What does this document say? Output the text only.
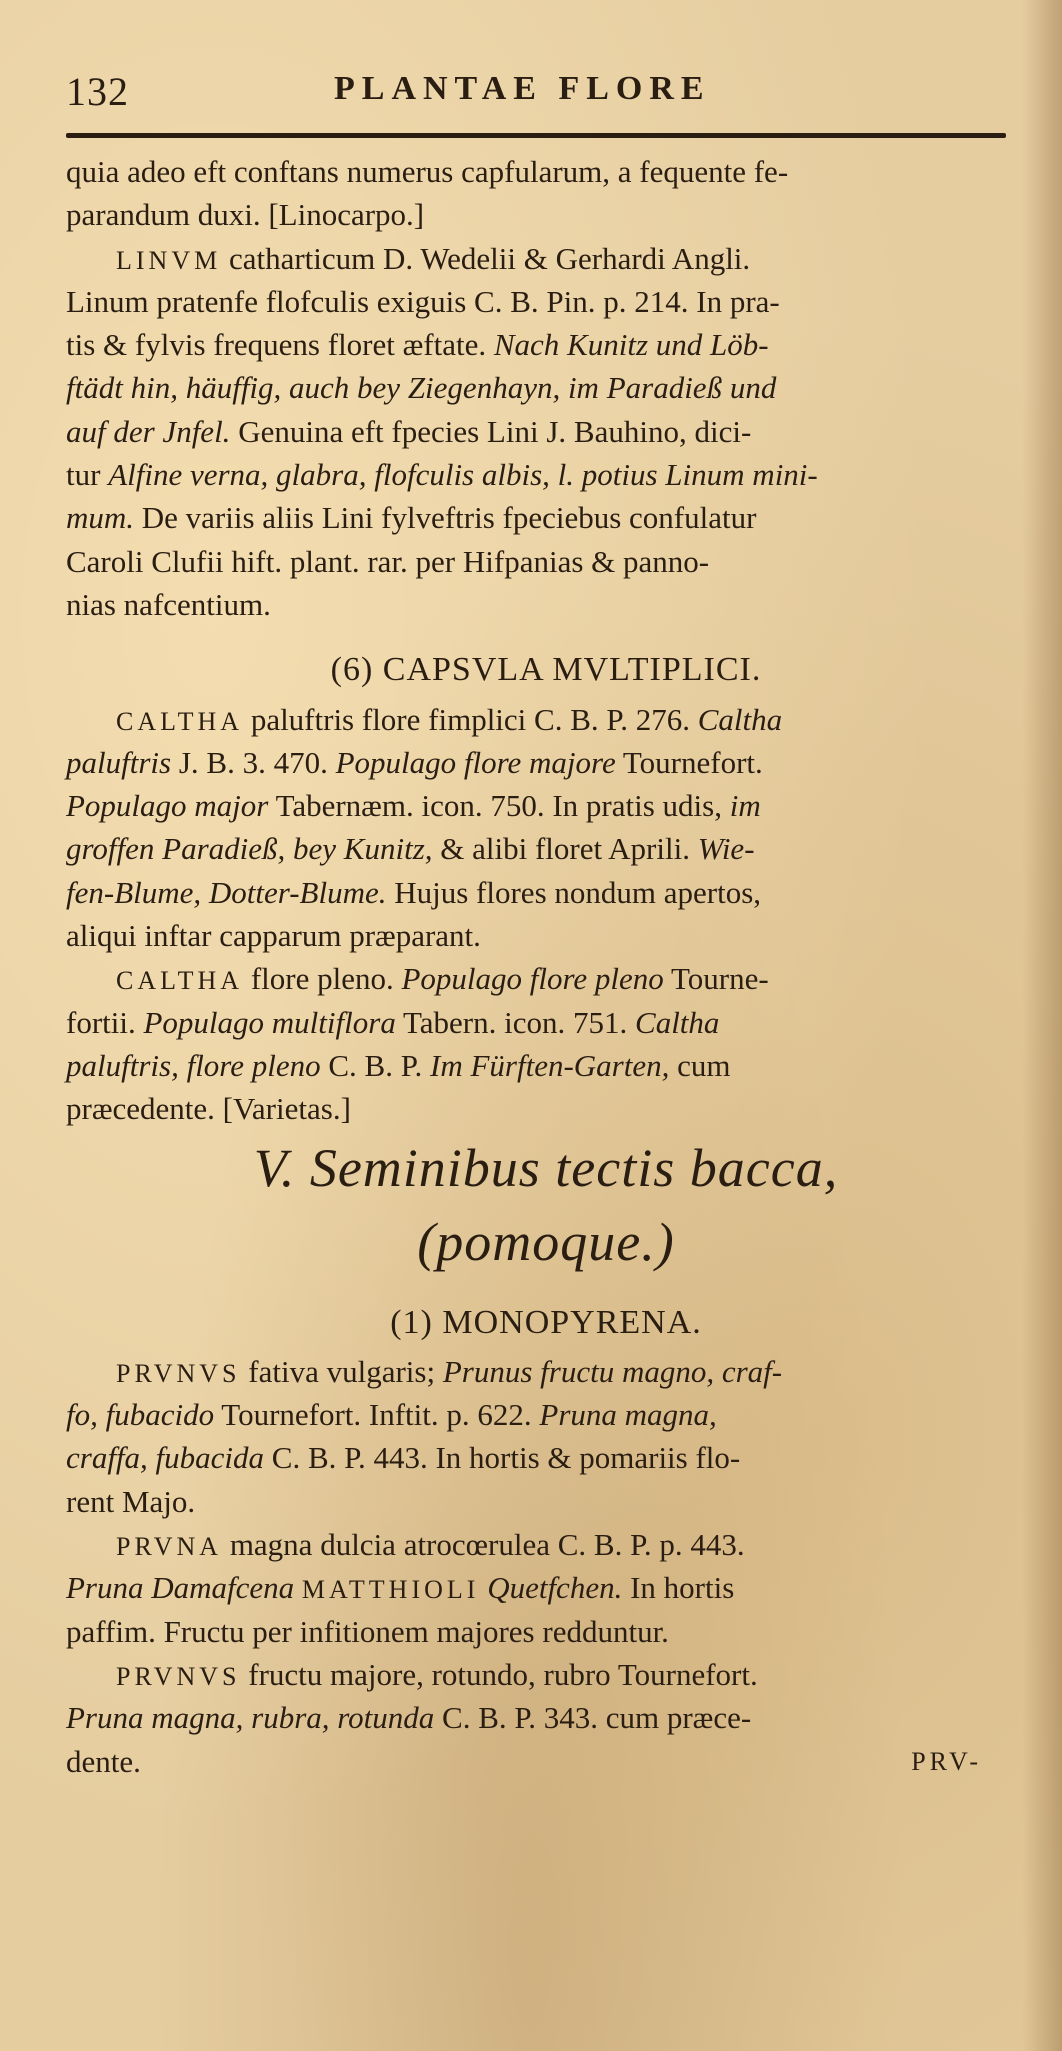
132	PLANTAE FLORE
quia adeo eft conftans numerus capfularum, a fequente fe-
parandum duxi. [Linocarpo.]
LINVM catharticum D. Wedelii & Gerhardi Angli.
Linum pratenfe flofculis exiguis C. B. Pin. p. 214. In pra-
tis & fylvis frequens floret æftate. Nach Kunitz und Löb-
ftädt hin, häuffig, auch bey Ziegenhayn, im Paradieß und
auf der Jnfel. Genuina eft fpecies Lini J. Bauhino, dici-
tur Alfine verna, glabra, flofculis albis, l. potius Linum mini-
mum. De variis aliis Lini fylveftris fpeciebus confulatur
Caroli Clufii hift. plant. rar. per Hifpanias & panno-
nias nafcentium.
(6) CAPSVLA MVLTIPLICI.
CALTHA paluftris flore fimplici C. B. P. 276. Caltha
paluftris J. B. 3. 470. Populago flore majore Tournefort.
Populago major Tabernæm. icon. 750. In pratis udis, im
groffen Paradieß, bey Kunitz, & alibi floret Aprili. Wie-
fen-Blume, Dotter-Blume. Hujus flores nondum apertos,
aliqui inftar capparum præparant.
CALTHA flore pleno. Populago flore pleno Tourne-
fortii. Populago multiflora Tabern. icon. 751. Caltha
paluftris, flore pleno C. B. P. Im Fürften-Garten, cum
præcedente. [Varietas.]
V. Seminibus tectis bacca,
(pomoque.)
(1) MONOPYRENA.
PRVNVS fativa vulgaris; Prunus fructu magno, craf-
fo, fubacido Tournefort. Inftit. p. 622. Pruna magna,
craffa, fubacida C. B. P. 443. In hortis & pomariis flo-
rent Majo.
PRVNA magna dulcia atrocœrulea C. B. P. p. 443.
Pruna Damafcena MATTHIOLI Quetfchen. In hortis
paffim. Fructu per infitionem majores redduntur.
PRVNVS fructu majore, rotundo, rubro Tournefort.
Pruna magna, rubra, rotunda C. B. P. 343. cum præce-
dente.	PRV-
